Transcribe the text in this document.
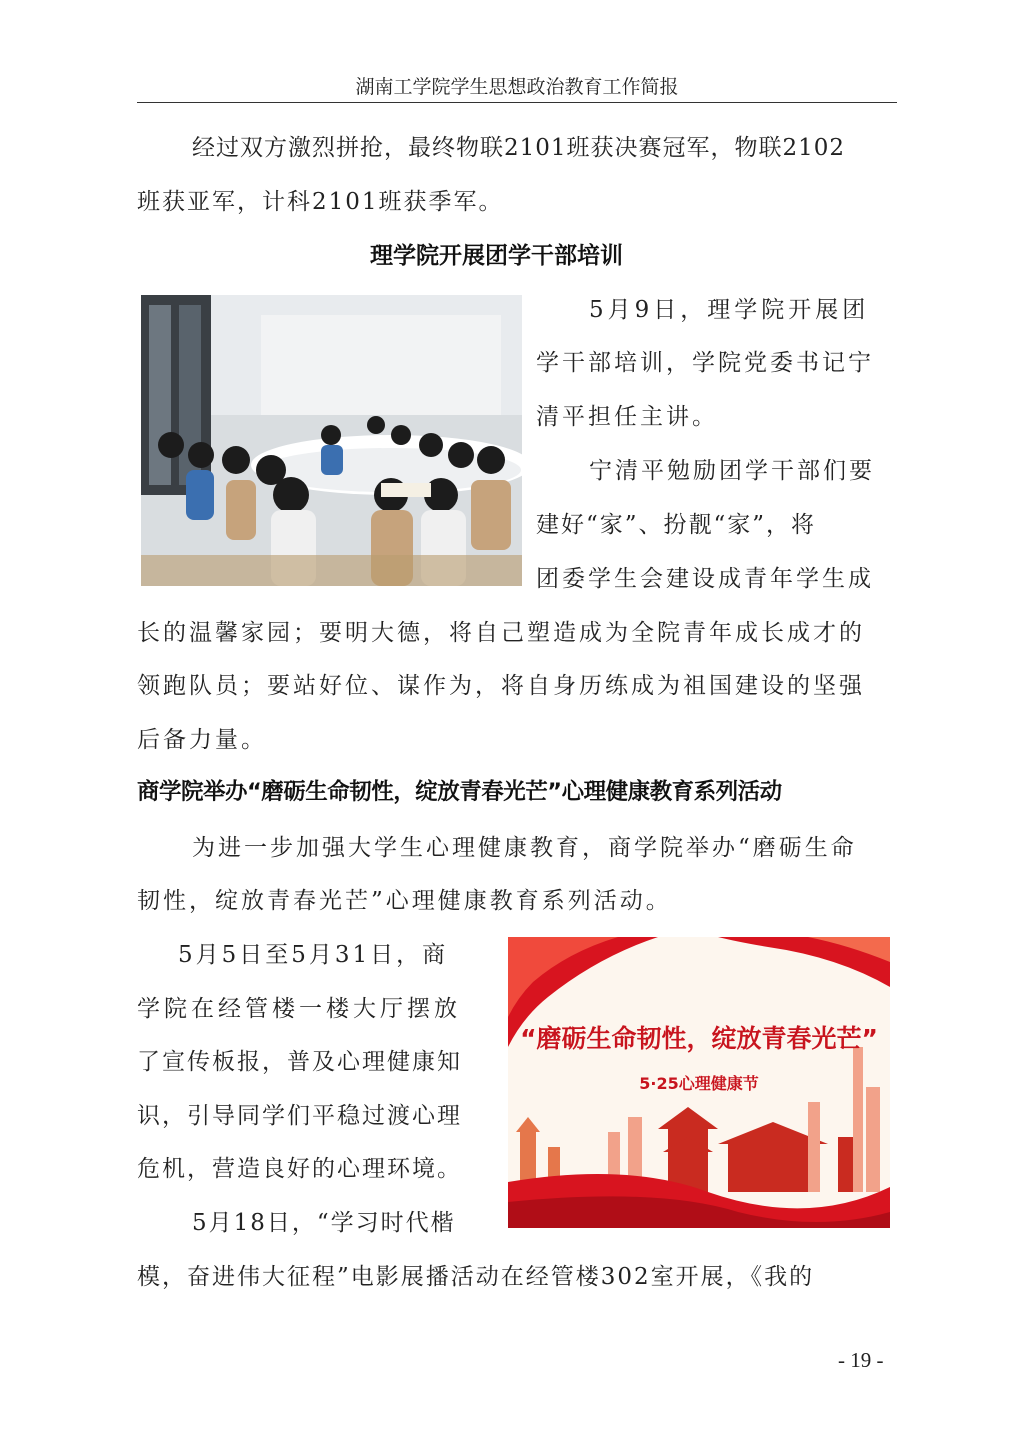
湖南工学院学生思想政治教育工作简报
经过双方激烈拼抢，最终物联2101班获决赛冠军，物联2102
班获亚军，计科2101班获季军。
理学院开展团学干部培训
5月9日，理学院开展团
学干部培训，学院党委书记宁
清平担任主讲。
宁清平勉励团学干部们要
建好“家”、扮靓“家”，将
团委学生会建设成青年学生成
长的温馨家园；要明大德，将自己塑造成为全院青年成长成才的
领跑队员；要站好位、谋作为，将自身历练成为祖国建设的坚强
后备力量。
商学院举办“磨砺生命韧性，绽放青春光芒”心理健康教育系列活动
为进一步加强大学生心理健康教育，商学院举办“磨砺生命
韧性，绽放青春光芒”心理健康教育系列活动。
5月5日至5月31日，商
学院在经管楼一楼大厅摆放
了宣传板报，普及心理健康知
识，引导同学们平稳过渡心理
危机，营造良好的心理环境。
5月18日，“学习时代楷
模，奋进伟大征程”电影展播活动在经管楼302室开展，《我的
“磨砺生命韧性，绽放青春光芒”
5·25心理健康节
- 19 -
